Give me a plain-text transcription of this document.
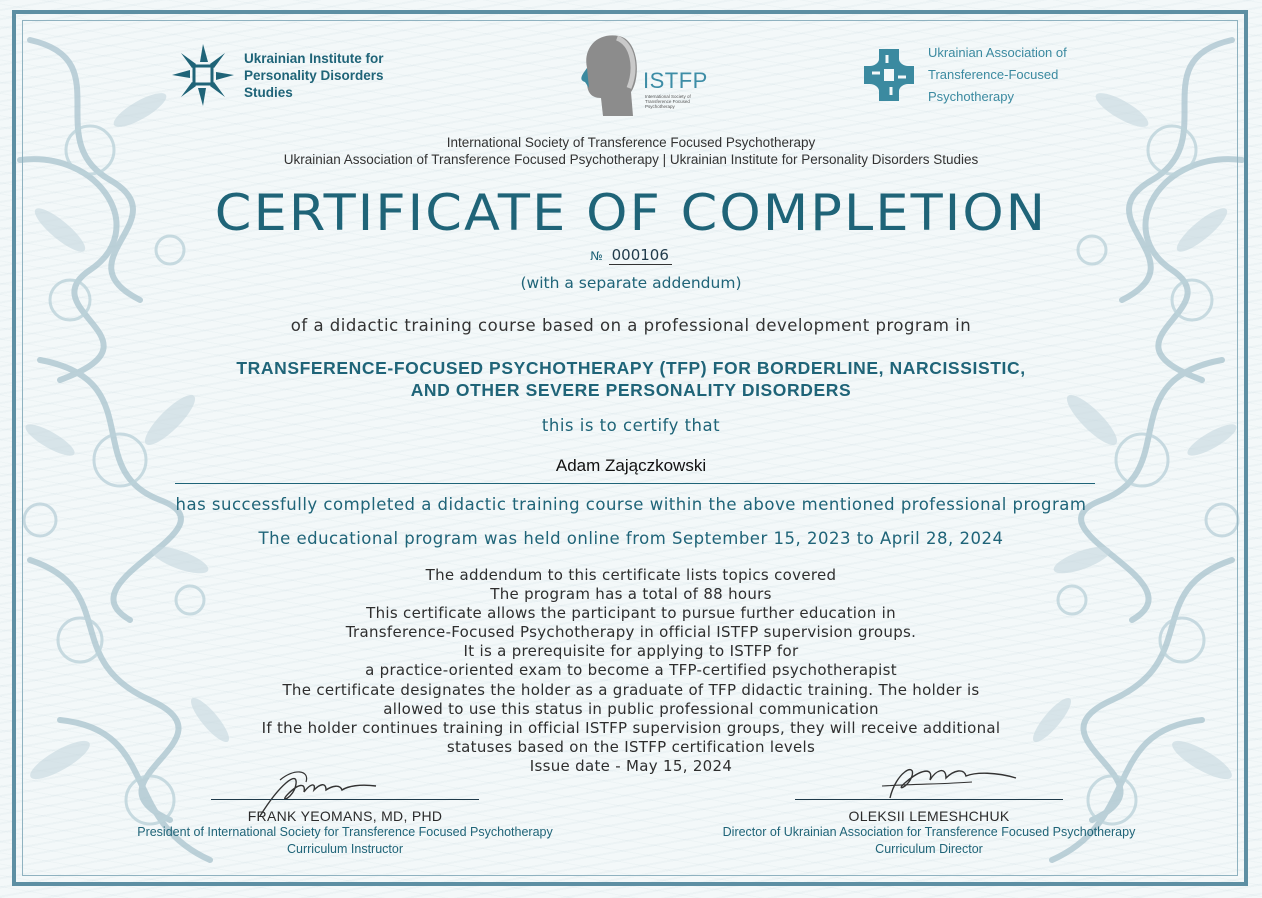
Ukrainian Institute for Personality Disorders Studies	ISTFP
International Society of Transference Focused Psychotherapy
Ukrainian Association of Transference-Focused Psychotherapy
International Society of Transference Focused Psychotherapy
Ukrainian Association of Transference Focused Psychotherapy | Ukrainian Institute for Personality Disorders Studies
CERTIFICATE OF COMPLETION
№ 000106
(with a separate addendum)
of a didactic training course based on a professional development program in
TRANSFERENCE-FOCUSED PSYCHOTHERAPY (TFP) FOR BORDERLINE, NARCISSISTIC,
AND OTHER SEVERE PERSONALITY DISORDERS
this is to certify that
Adam Zajączkowski
has successfully completed a didactic training course within the above mentioned professional program
The educational program was held online from September 15, 2023 to April 28, 2024
The addendum to this certificate lists topics covered
The program has a total of 88 hours
This certificate allows the participant to pursue further education in
Transference-Focused Psychotherapy in official ISTFP supervision groups.
It is a prerequisite for applying to ISTFP for
a practice-oriented exam to become a TFP-certified psychotherapist
The certificate designates the holder as a graduate of TFP didactic training. The holder is
allowed to use this status in public professional communication
If the holder continues training in official ISTFP supervision groups, they will receive additional
statuses based on the ISTFP certification levels
Issue date - May 15, 2024
FRANK YEOMANS, MD, PHD
President of International Society for Transference Focused Psychotherapy
Curriculum Instructor
OLEKSII LEMESHCHUK
Director of Ukrainian Association for Transference Focused Psychotherapy
Curriculum Director
